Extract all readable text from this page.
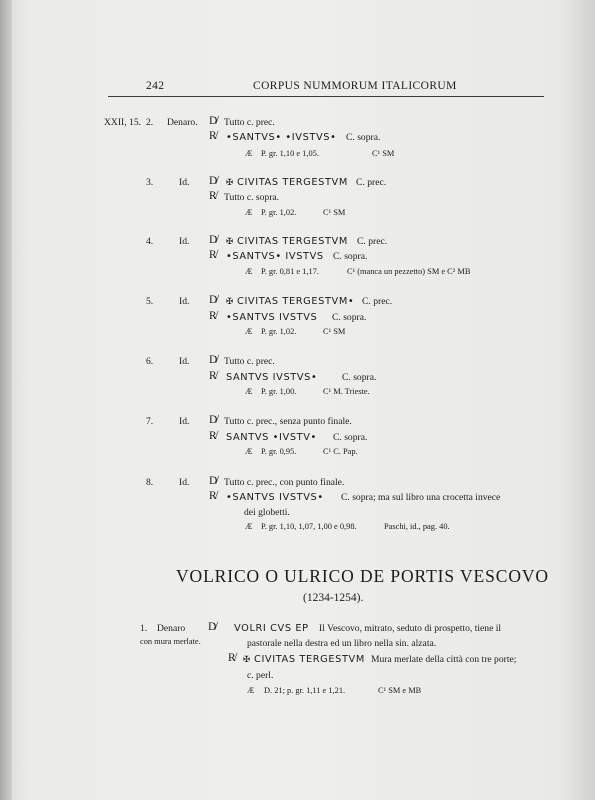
242	CORPUS NUMMORUM ITALICORUM
XXII, 15. 2. Denaro. D̸ Tutto c. prec.
R̸ •SANTVS• •IVSTVS• C. sopra.
Æ P. gr. 1,10 e 1,05.	C¹ SM
3.	Id. D̸ ✠ CIVITAS TERGESTVM C. prec.
R̸ Tutto c. sopra.
Æ P. gr. 1,02.	C¹ SM
4.	Id. D̸ ✠ CIVITAS TERGESTVM C. prec.
R̸ •SANTVS• IVSTVS C. sopra.
Æ P. gr. 0,81 e 1,17.	C¹ (manca un pezzetto) SM e C² MB
5.	Id. D̸ ✠ CIVITAS TERGESTVM• C. prec.
R̸ •SANTVS IVSTVS C. sopra.
Æ P. gr. 1,02.	C¹ SM
6.	Id. D̸ Tutto c. prec.
R̸ SANTVS IVSTVS•	C. sopra.
Æ P. gr. 1,00.	C¹ M. Trieste.
7.	Id. D̸ Tutto c. prec., senza punto finale.
R̸ SANTVS •IVSTV• C. sopra.
Æ P. gr. 0,95.	C¹ C. Pap.
8.	Id. D̸ Tutto c. prec., con punto finale.
R̸ •SANTVS IVSTVS• C. sopra; ma sul libro una crocetta invece
dei globetti.
Æ P. gr. 1,10, 1,07, 1,00 e 0,98.	Paschi, id., pag. 40.
VOLRICO O ULRICO DE PORTIS VESCOVO
(1234-1254).
1. Denaro
con mura merlate.
D̸ VOLRI CVS EP Il Vescovo, mitrato, seduto di prospetto, tiene il
pastorale nella destra ed un libro nella sin. alzata.
R̸ ✠ CIVITAS TERGESTVM Mura merlate della città con tre porte;
c. perl.
Æ D. 21; p. gr. 1,11 e 1,21.	C¹ SM e MB
